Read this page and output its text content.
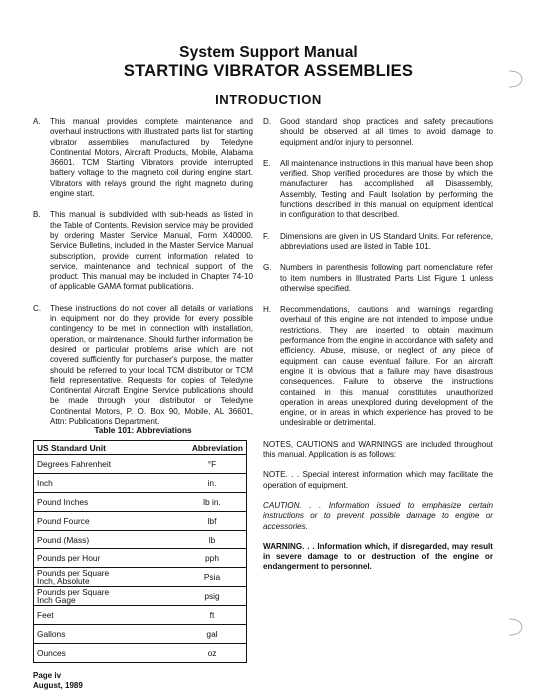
System Support Manual
STARTING VIBRATOR ASSEMBLIES
INTRODUCTION
A.	This manual provides complete maintenance and overhaul instructions with illustrated parts list for starting vibrator assemblies manufactured by Teledyne Continental Motors, Aircraft Products, Mobile, Alabama 36601. TCM Starting Vibrators provide interrupted battery voltage to the magneto coil during engine start. Vibrators with relays ground the right magneto during engine start.
B.	This manual is subdivided with sub-heads as listed in the Table of Contents. Revision service may be provided by ordering Master Service Manual, Form X40000. Service Bulletins, included in the Master Service Manual subscription, provide current information related to service, maintenance and technical support of the product. This manual may be included in Chapter 74-10 of applicable GAMA format publications.
C.	These instructions do not cover all details or variations in equipment nor do they provide for every possible contingency to be met in connection with installation, operation, or maintenance. Should further information be desired or particular problems arise which are not covered sufficiently for purchaser's purpose, the matter should be referred to your local TCM distributor or TCM field representative. Requests for copies of Teledyne Continental Aircraft Engine Service publications should be made through your distributor or Teledyne Continental Motors, P. O. Box 90, Mobile, AL 36601, Attn: Publications Department.
D.	Good standard shop practices and safety precautions should be observed at all times to avoid damage to equipment and/or injury to personnel.
E.	All maintenance instructions in this manual have been shop verified. Shop verified procedures are those by which the manufacturer has accomplished all Disassembly, Assembly, Testing and Fault Isolation by performing the functions described in this manual on equipment identical in configuration to that described.
F.	Dimensions are given in US Standard Units. For reference, abbreviations used are listed in Table 101.
G.	Numbers in parenthesis following part nomenclature refer to item numbers in Illustrated Parts List Figure 1 unless otherwise specified.
H.	Recommendations, cautions and warnings regarding overhaul of this engine are not intended to impose undue restrictions. They are inserted to obtain maximum performance from the engine in accordance with safety and efficiency. Abuse, misuse, or neglect of any piece of equipment can cause eventual failure. For an aircraft engine it is obvious that a failure may have disastrous consequences. Failure to observe the instructions contained in this manual constitutes unauthorized operation in areas unexplored during development of the engine, or in areas in which experience has proved to be undesirable or detrimental.
NOTES, CAUTIONS and WARNINGS are included throughout this manual. Application is as follows:
NOTE. . . Special interest information which may facilitate the operation of equipment.
CAUTION. . . Information issued to emphasize certain instructions or to prevent possible damage to engine or accessories.
WARNING. . . Information which, if disregarded, may result in severe damage to or destruction of the engine or endangerment to personnel.
Table 101: Abbreviations
US Standard Unit	Abbreviation
Degrees Fahrenheit	°F
Inch	in.
Pound Inches	lb in.
Pound Fource	lbf
Pound (Mass)	lb
Pounds per Hour	pph

Pounds per Square
Inch, Absolute	Psia

Pounds per Square
Inch Gage	psig
Feet	ft
Gallons	gal
Ounces	oz
Page iv
August, 1989
